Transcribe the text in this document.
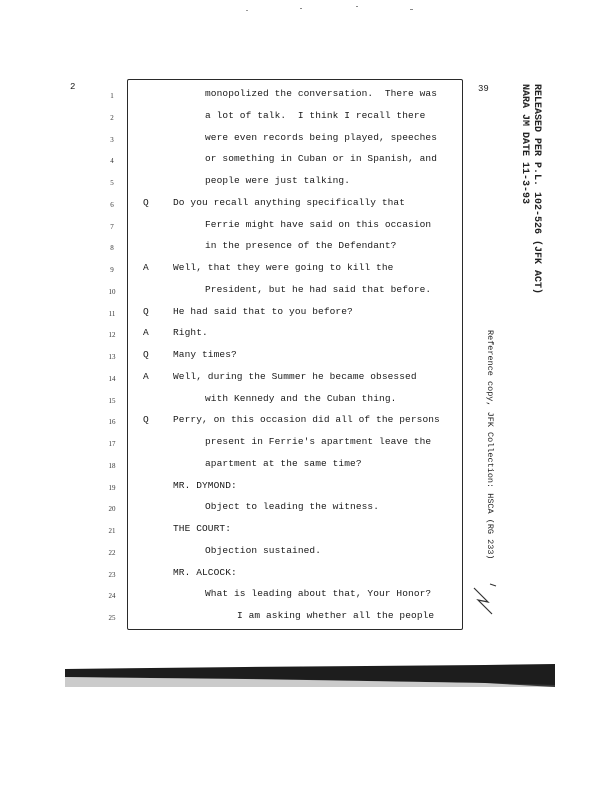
2
1
2
3
4
5
6
7
8
9
10
11
12
13
14
15
16
17
18
19
20
21
22
23
24
25
monopolized the conversation.  There was
a lot of talk.  I think I recall there
were even records being played, speeches
or something in Cuban or in Spanish, and
people were just talking.
Q	Do you recall anything specifically that
Ferrie might have said on this occasion
in the presence of the Defendant?
A	Well, that they were going to kill the
President, but he had said that before.
Q	He had said that to you before?
A	Right.
Q	Many times?
A	Well, during the Summer he became obsessed
with Kennedy and the Cuban thing.
Q	Perry, on this occasion did all of the persons
present in Ferrie's apartment leave the
apartment at the same time?
MR. DYMOND:
Object to leading the witness.
THE COURT:
Objection sustained.
MR. ALCOCK:
What is leading about that, Your Honor?
I am asking whether all the people
39	RELEASED PER P.L. 102-526 (JFK ACT)
NARA JM DATE 11-3-93
Reference copy, JFK Collection: HSCA (RG 233)
